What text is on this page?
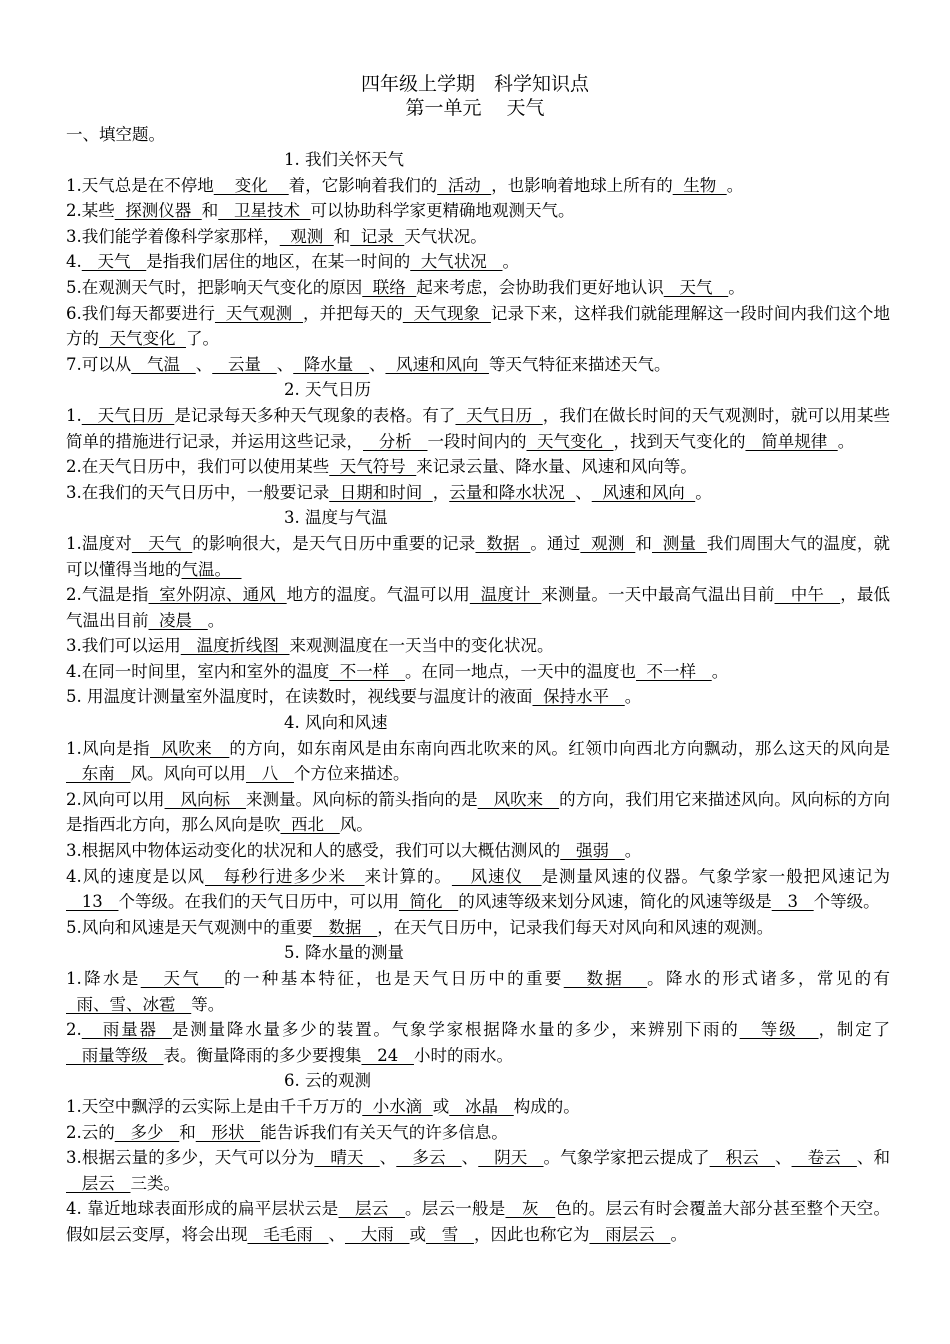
四年级上学期　科学知识点
第一单元　 天气
一、填空题。
1. 我们关怀天气
1.天气总是在不停地    变化    着，它影响着我们的  活动  ，也影响着地球上所有的  生物  。
2.某些  探测仪器  和   卫星技术  可以协助科学家更精确地观测天气。
3.我们能学着像科学家那样，  观测  和  记录  天气状况。
4.   天气   是指我们居住的地区，在某一时间的  大气状况   。
5.在观测天气时，把影响天气变化的原因  联络  起来考虑，会协助我们更好地认识   天气   。
6.我们每天都要进行  天气观测  ，并把每天的  天气现象  记录下来，这样我们就能理解这一段时间内我们这个地方的  天气变化  了。
7.可以从   气温   、   云量   、  降水量   、  风速和风向  等天气特征来描述天气。
2. 天气日历
1.   天气日历  是记录每天多种天气现象的表格。有了  天气日历  ，我们在做长时间的天气观测时，就可以用某些简单的措施进行记录，并运用这些记录，   分析   一段时间内的  天气变化  ，找到天气变化的   简单规律  。
2.在天气日历中，我们可以使用某些  天气符号  来记录云量、降水量、风速和风向等。
3.在我们的天气日历中，一般要记录  日期和时间  ，云量和降水状况  、  风速和风向  。
3. 温度与气温
1.温度对   天气  的影响很大，是天气日历中重要的记录  数据  。通过  观测  和  测量  我们周围大气的温度，就可以懂得当地的气温。
2.气温是指  室外阴凉、通风  地方的温度。气温可以用  温度计  来测量。一天中最高气温出目前   中午   ，最低气温出目前  凌晨   。
3.我们可以运用   温度折线图  来观测温度在一天当中的变化状况。
4.在同一时间里，室内和室外的温度  不一样   。在同一地点，一天中的温度也  不一样   。
5. 用温度计测量室外温度时，在读数时，视线要与温度计的液面  保持水平   。
4. 风向和风速
1.风向是指  风吹来   的方向，如东南风是由东南向西北吹来的风。红领巾向西北方向飘动，那么这天的风向是   东南   风。风向可以用   八   个方位来描述。
2.风向可以用   风向标   来测量。风向标的箭头指向的是   风吹来   的方向，我们用它来描述风向。风向标的方向是指西北方向，那么风向是吹  西北   风。
3.根据风中物体运动变化的状况和人的感受，我们可以大概估测风的   强弱   。
4.风的速度是以风   每秒行进多少米   来计算的。   风速仪   是测量风速的仪器。气象学家一般把风速记为   13   个等级。在我们的天气日历中，可以用  简化   的风速等级来划分风速，简化的风速等级是   3   个等级。
5.风向和风速是天气观测中的重要   数据   ，在天气日历中，记录我们每天对风向和风速的观测。
5. 降水量的测量
1.降水是   天气   的一种基本特征，也是天气日历中的重要   数据   。降水的形式诸多，常见的有  雨、雪、冰雹   等。
2.   雨量器  是测量降水量多少的装置。气象学家根据降水量的多少，来辨别下雨的   等级   ，制定了   雨量等级   表。衡量降雨的多少要搜集   24   小时的雨水。
6. 云的观测
1.天空中飘浮的云实际上是由千千万万的  小水滴  或   冰晶   构成的。
2.云的   多少   和   形状   能告诉我们有关天气的许多信息。
3.根据云量的多少，天气可以分为   晴天   、   多云   、   阴天   。气象学家把云提成了   积云   、   卷云   、和   层云   三类。
4. 靠近地球表面形成的扁平层状云是   层云   。层云一般是   灰   色的。层云有时会覆盖大部分甚至整个天空。假如层云变厚，将会出现   毛毛雨   、   大雨   或   雪   ，因此也称它为   雨层云   。
